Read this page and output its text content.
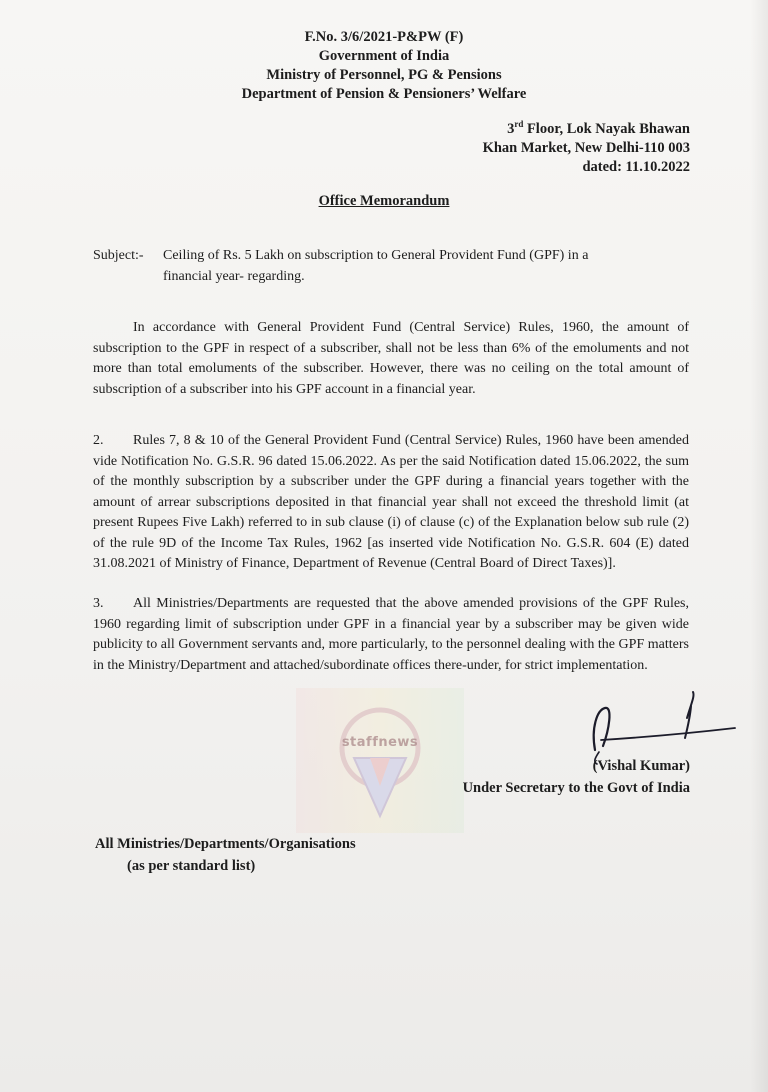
F.No. 3/6/2021-P&PW (F)
Government of India
Ministry of Personnel, PG & Pensions
Department of Pension & Pensioners’ Welfare
3rd Floor, Lok Nayak Bhawan
Khan Market, New Delhi-110 003
dated: 11.10.2022
Office Memorandum
Subject:- Ceiling of Rs. 5 Lakh on subscription to General Provident Fund (GPF) in a
financial year- regarding.
In accordance with General Provident Fund (Central Service) Rules, 1960, the amount of subscription to the GPF in respect of a subscriber, shall not be less than 6% of the emoluments and not more than total emoluments of the subscriber. However, there was no ceiling on the total amount of subscription of a subscriber into his GPF account in a financial year.
2. Rules 7, 8 & 10 of the General Provident Fund (Central Service) Rules, 1960 have been amended vide Notification No. G.S.R. 96 dated 15.06.2022. As per the said Notification dated 15.06.2022, the sum of the monthly subscription by a subscriber under the GPF during a financial years together with the amount of arrear subscriptions deposited in that financial year shall not exceed the threshold limit (at present Rupees Five Lakh) referred to in sub clause (i) of clause (c) of the Explanation below sub rule (2) of the rule 9D of the Income Tax Rules, 1962 [as inserted vide Notification No. G.S.R. 604 (E) dated 31.08.2021 of Ministry of Finance, Department of Revenue (Central Board of Direct Taxes)].
3. All Ministries/Departments are requested that the above amended provisions of the GPF Rules, 1960 regarding limit of subscription under GPF in a financial year by a subscriber may be given wide publicity to all Government servants and, more particularly, to the personnel dealing with the GPF matters in the Ministry/Department and attached/subordinate offices there-under, for strict implementation.
staffnews
(Vishal Kumar)
Under Secretary to the Govt of India
All Ministries/Departments/Organisations
(as per standard list)
